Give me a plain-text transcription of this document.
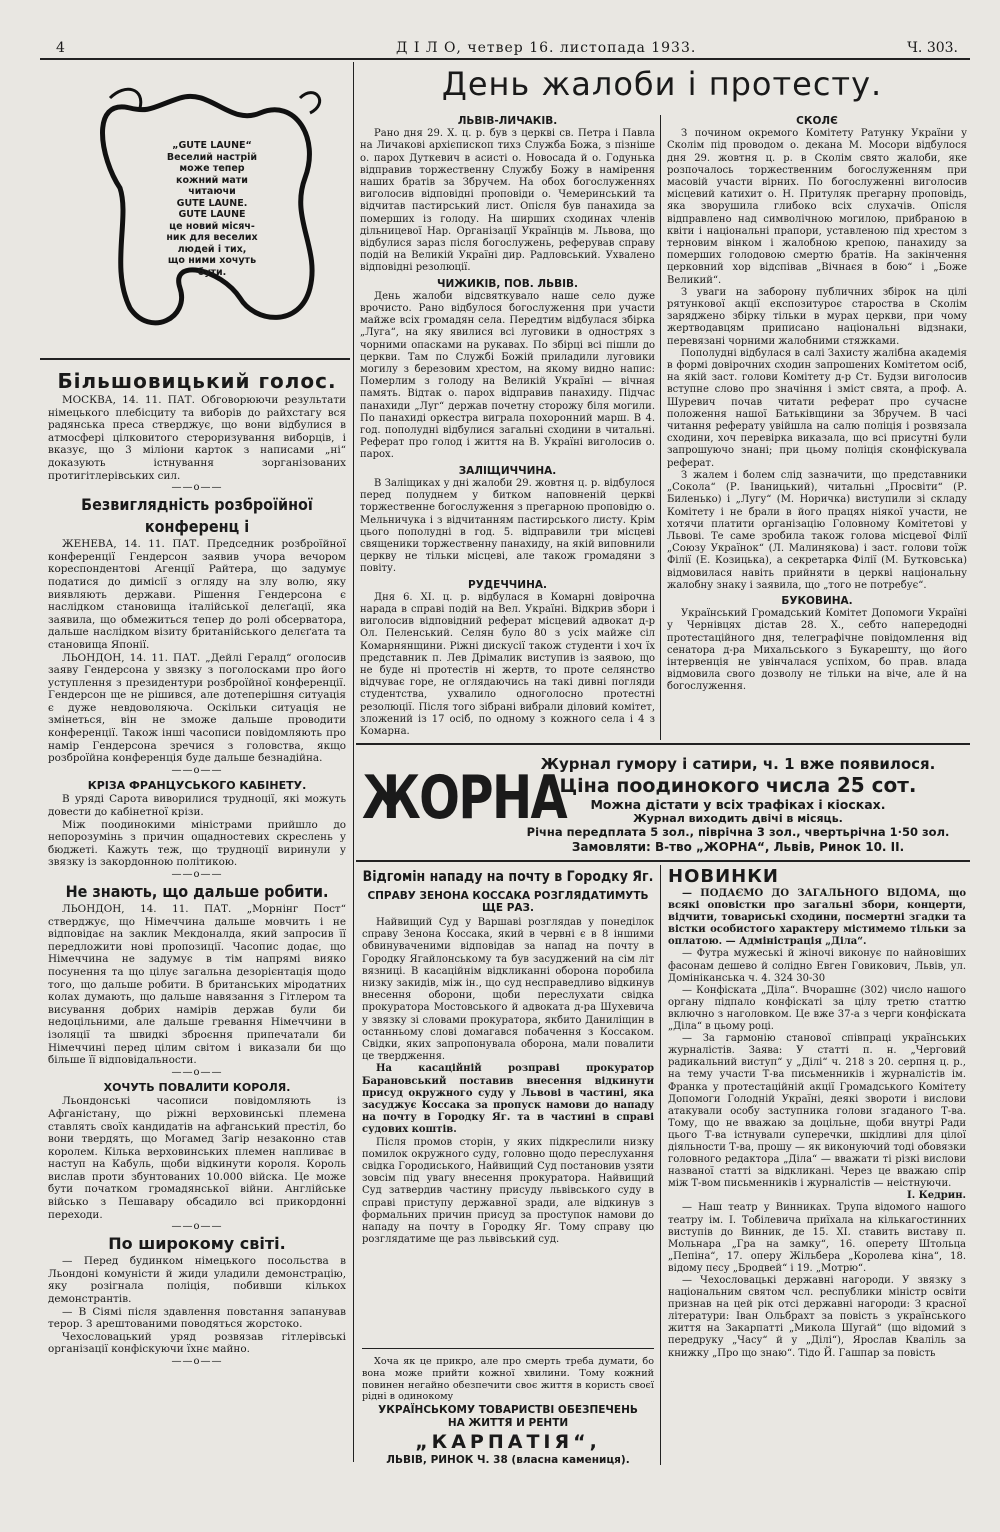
4	Д І Л О, четвер 16. листопада 1933.	Ч. 303.
„GUTE LAUNE“
Веселий настрій
може тепер
кожний мати
читаючи
GUTE LAUNE.
GUTE LAUNE
це новий місяч-
ник для веселих
людей і тих,
що ними хочуть
бути.
Більшовицький голос.

МОСКВА, 14. 11. ПАТ. Обговорюючи результати німецького плебісциту та виборів до райхстагу вся радянська преса стверджує, що вони відбулися в атмосфері цілковитого стероризування виборців, і вказує, що 3 міліони карток з написами „ні“ доказують істнування зорганізованих протигітлерівських сил.

——o——
Безвиглядність розброїйної конференц і

ЖЕНЕВА, 14. 11. ПАТ. Председник розброїйної конференції Гендерсон заявив учора вечором кореспондентові Агенції Райтера, що задумує податися до димісії з огляду на злу волю, яку виявляють держави. Рішення Гендерсона є наслідком становища італійської делєґації, яка заявила, що обмежиться тепер до ролі обсерватора, дальше наслідком візиту британійського делєґата та становища Японії.

ЛЬОНДОН, 14. 11. ПАТ. „Дейлі Гералд“ оголосив заяву Гендерсона у звязку з поголосками про його уступлення з президентури розброїйної конференції. Гендерсон ще не рішився, але дотеперішня ситуація є дуже невдоволяюча. Оскільки ситуація не змінеться, він не зможе дальше проводити конференції. Також інші часописи повідомляють про намір Гендерсона зречися з головства, якщо розброїйна конференція буде дальше безнадійна.

——o——
КРІЗА ФРАНЦУСЬКОГО КАБІНЕТУ.

В уряді Сарота виворилися трудноції, які можуть довести до кабінетної крізи.

Між поодинокими міністрами прийшло до непорозумінь з причин ощадностевих скреслень у бюджеті. Кажуть теж, що трудноції виринули у звязку із закордонною політикою.

——o——
Не знають, що дальше робити.

ЛЬОНДОН, 14. 11. ПАТ. „Морнінг Пост“ стверджує, що Німеччина дальше мовчить і не відповідає на заклик Мекдоналда, який запросив її передложити нові пропозиції. Часопис додає, що Німеччина не задумує в тім напрямі вияко посунення та що цілує загальна дезорієнтація щодо того, що дальше робити. В британських міродатних колах думають, що дальше навязання з Гітлером та висування добрих намірів держав були би недоцільними, але дальше гревання Німеччини в ізоляції та швидкі зброєння припечатали би Німеччині перед цілим світом і виказали би що більше її відповідальности.

——o——
ХОЧУТЬ ПОВАЛИТИ КОРОЛЯ.

Льондонські часописи повідомляють із Афганістану, що ріжні верховинські племена ставлять своїх кандидатів на афганський престіл, бо вони твердять, що Могамед Загір незаконно став королем. Кілька верховинських племен напливає в наступ на Кабуль, щоби відкинути короля. Король вислав проти збунтованих 10.000 війска. Це може бути початком громадянської війни. Англійське військо з Пешавару обсадило всі прикордонні переходи.

——o——
По широкому світі.

— Перед будинком німецького посольства в Льондоні комуністи й жиди уладили демонстрацію, яку розігнала поліція, побивши кількох демонстрантів.

— В Сіямі після здавлення повстання запанував терор. З арештованими поводяться жорстоко.

Чехословацький уряд розвязав гітлерівські організації конфіскуючи їхнє майно.

——o——
День жалоби і протесту.
ЛЬВІВ-ЛИЧАКІВ.

Рано дня 29. Х. ц. р. був з церкві св. Петра і Павла на Личакові архієпископ тихз Служба Божа, з пізніше о. парох Дуткевич в асисті о. Новосада й о. Годунька відправив торжественну Службу Божу в намірення наших братів за Збручем. На обох богослуженнях виголосив відповідні проповіди о. Чемеринський та відчитав пастирський лист. Опісля був панахида за померших із голоду. На ширших сходинах членів дільницевої Нар. Організації Українців м. Львова, що відбулися зараз після богослужень, реферував справу подій на Великій Україні дир. Радловський. Ухвалено відповідні резолюції.

ЧИЖИКІВ, ПОВ. ЛЬВІВ.

День жалоби відсвяткувало наше село дуже врочисто. Рано відбулося богослуження при участи майже всіх громадян села. Передтим відбулася збірка „Луга“, на яку явилися всі луговики в однострях з чорними опасками на рукавах. По збірці всі пішли до церкви. Там по Службі Божій приладили луговики могилу з березовим хрестом, на якому видно напис: Померлим з голоду на Великій Україні — вічная память. Відтак о. парох відправив панахиду. Підчас панахиди „Луг“ держав почетну сторожу біля могили. По панахиді оркестра виграла похоронний марш. В 4. год. пополудні відбулися загальні сходини в читальні. Реферат про голод і життя на В. Україні виголосив о. парох.

ЗАЛІЩИЧЧИНА.

В Заліщиках у дні жалоби 29. жовтня ц. р. відбулося перед полуднем у битком наповненій церкві торжественне богослуження з прегарною проповідю о. Мельничука і з відчитанням пастирського листу. Крім цього пополудні в год. 5. відправили три місцеві священики торжественну панахиду, на якій виповнили церкву не тільки місцеві, але також громадяни з повіту.

РУДЕЧЧИНА.

Дня 6. XI. ц. р. відбулася в Комарні довірочна нарада в справі подій на Вел. Україні. Відкрив збори і виголосив відповідний реферат місцевий адвокат д-р Ол. Пеленський. Селян було 80 з усіх майже сіл Комарнянщини. Ріжні дискусії також студенти і хоч їх представник п. Лев Дрімалик виступив із заявою, що не буде ні протестів ні жертв, то проте селянство відчуває горе, не оглядаючись на такі дивні погляди студентства, ухвалило одноголосно протестні резолюції. Після того зібрані вибрали діловий комітет, зложений із 17 осіб, по одному з кожного села і 4 з Комарна.

СКОЛЄ

З почином окремого Комітету Ратунку України у Сколім під проводом о. декана М. Мосори відбулося дня 29. жовтня ц. р. в Сколім свято жалоби, яке розпочалось торжественним богослуженням при масовій участи вірних. По богослуженні виголосив місцевий катихит о. Н. Притуляк прегарну проповідь, яка зворушила глибоко всіх слухачів. Опісля відправлено над символічною могилою, прибраною в квіти і національні прапори, уставленою під хрестом з терновим вінком і жалобною крепою, панахиду за померших голодовою смертю братів. На закінчення церковний хор відспівав „Вічнаєя в бою“ і „Боже Великий“.

З уваги на заборону публичних збірок на цілі рятункової акції експозитуроє староства в Сколім заряджено збірку тільки в мурах церкви, при чому жертводавцям приписано національні відзнаки, перевязані чорними жалобними стяжками.

Пополудні відбулася в салі Захисту жалібна академія в формі довірочних сходин запрошених Комітетом осіб, на якій заст. голови Комітету д-р Ст. Будзи виголосив вступне слово про значіння і зміст свята, а проф. А. Шуревич почав читати реферат про сучасне положення нашої Батьківщини за Збручем. В часі читання реферату увійшла на салю поліція і розвязала сходини, хоч перевірка виказала, що всі присутні були запрошуючо знані; при цьому поліція сконфіскувала реферат.

З жалем і болем слід зазначити, що представники „Сокола“ (Р. Іваницький), читальні „Просвіти“ (Р. Биленько) і „Лугу“ (М. Норичка) виступили зі складу Комітету і не брали в його працях ніякої участи, не хотячи платити організацію Головному Комітетові у Львові. Те саме зробила також голова місцевої Філії „Союзу Українок“ (Л. Малинякова) і заст. голови тоїж Філії (Е. Козицька), а секретарка Філії (М. Бутковська) відмовилася навіть прийняти в церкві національну жалобну знаку і заявила, що „того не потребує“.

БУКОВИНА.

Український Громадський Комітет Допомоги Україні у Чернівцях дістав 28. Х., себто напередодні протестаційного дня, телеграфічне повідомлення від сенатора д-ра Михальського з Букарешту, що його інтервенція не увінчалася успіхом, бо прав. влада відмовила свого дозволу не тільки на віче, але й на богослуження.

ЖОРНА
Журнал гумору і сатири, ч. 1 вже появилося.
Ціна поодинокого числа 25 сот.
Можна дістати у всіх трафіках і кіосках.
Журнал виходить двічі в місяць.
Річна передплата 5 зол., піврічна 3 зол., чвертьрічна 1·50 зол.
Замовляти: В-тво „ЖОРНА“, Львів, Ринок 10. II.
Відгомін нападу на почту в Городку Яг.
СПРАВУ ЗЕНОНА КОССАКА РОЗГЛЯДАТИМУТЬ ЩЕ РАЗ.

Найвищий Суд у Варшаві розглядав у понеділок справу Зенона Коссака, який в червні є в 8 іншими обвинуваченими відповідав за напад на почту в Городку Ягайлонському та був засуджений на сім літ вязниці. В касаційнім відкликанні оборона поробила низку закидів, між ін., що суд несправедливо відкинув внесення оборони, щоби переслухати свідка прокуратора Мостовського й адвоката д-ра Шухевича у звязку зі словами прокуратора, якбито Даниліщин в останньому слові домагався побачення з Коссаком. Свідки, яких запропонувала оборона, мали повалити це твердження.

На касаційній розправі прокуратор Барановський поставив внесення відкинути присуд окружного суду у Львові в частині, яка засуджує Коссака за пропуск намови до нападу на почту в Городку Яг. та в частині в справі судових коштів.

Після промов сторін, у яких підкреслили низку помилок окружного суду, головно щодо переслухання свідка Городиського, Найвищий Суд постановив узяти зовсім під увагу внесення прокуратора. Найвищий Суд затвердив частину присуду львівського суду в справі приступу державної зради, але відкинув з формальних причин присуд за проступок намови до нападу на почту в Городку Яг. Тому справу цю розглядатиме ще раз львівський суд.

Хоча як це прикро, але про смерть треба думати, бо вона може прийти кожної хвилини. Тому кожний повинен негайно обезпечити своє життя в користь своєї рідні в одинокому

УКРАЇНСЬКОМУ ТОВАРИСТВІ ОБЕЗПЕЧЕНЬ
НА ЖИТТЯ И РЕНТИ
„КАРПАТІЯ“,
ЛЬВІВ, РИНОК Ч. 38 (власна камениця).
НОВИНКИ

— ПОДАЄМО ДО ЗАГАЛЬНОГО ВІДОМА, що всякі оповістки про загальні збори, концерти, відчити, товариські сходини, посмертні згадки та вістки особистого характеру містимемо тільки за оплатою. — Адміністрація „Діла“.

— Футра мужеські й жіночі виконує по найновіших фасонам дешево й солідно Евген Говикович, Львів, ул. Домініканська ч. 4. 324 30-30

— Конфіската „Діла“. Вчорашнє (302) число нашого органу підпало конфіскаті за цілу третю статтю включно з наголовком. Це вже 37-а з черги конфіската „Діла“ в цьому році.

— За гармонію станової співпраці українських журналістів. Заява: У статті п. н. „Черговий радикальний виступ“ у „Ділі“ ч. 218 з 20. серпня ц. р., на тему участи Т-ва письменників і журналістів ім. Франка у протестаційній акції Громадського Комітету Допомоги Голодній Україні, деякі звороти і вислови атакували особу заступника голови згаданого Т-ва. Тому, що не вважаю за доцільне, щоби внутрі Ради цього Т-ва істнували суперечки, шкідливі для цілої діяльности Т-ва, прошу — як виконуючий тоді обовязки головного редактора „Діла“ — вважати ті різкі вислови названої статті за відкликані. Через це вважаю спір між Т-вом письменників і журналістів — неістнуючи.

І. Кедрин.

— Наш театр у Винниках. Трупа відомого нашого театру ім. І. Тобілевича приїхала на кількагостинних виступів до Винник, де 15. XI. ставить виставу п. Мольнара „Гра на замку“, 16. оперету Штольца „Пепіна“, 17. оперу Жільбера „Королева кіна“, 18. відому пєсу „Бродвей“ і 19. „Мотрю“.

— Чехословацькі державні нагороди. У звязку з національним святом чсл. республики міністр освіти признав на цей рік отсі державні нагороди: З красної літератури: Іван Ольбрахт за повість з українського життя на Закарпатті „Микола Шугай“ (що відомий з передруку „Часу“ й у „Ділі“), Ярослав Кваліль за книжку „Про що знаю“. Тідо Й. Гашпар за повість
